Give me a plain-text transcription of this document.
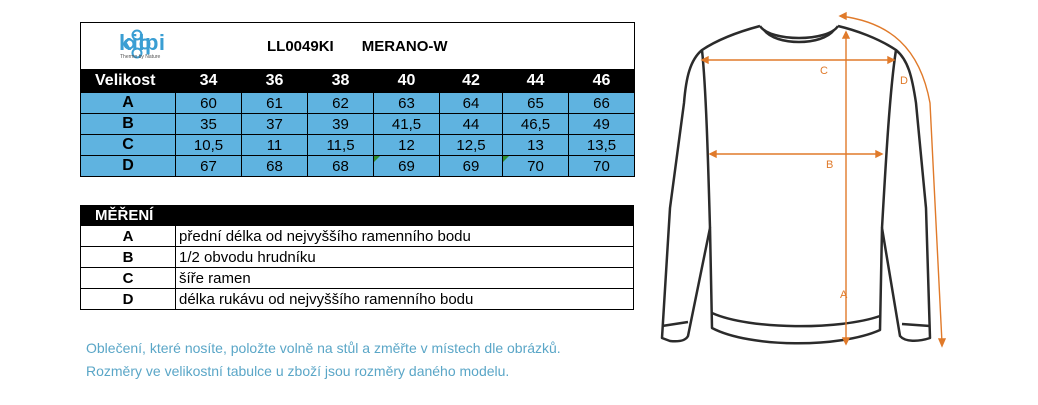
kilpi
Thermo by Nature
LL0049KI MERANO-W							

Velikost	34	36	38	40	42	44	46
A	60	61	62	63	64	65	66
B	35	37	39	41,5	44	46,5	49
C	10,5	11	11,5	12	12,5	13	13,5
D	67	68	68	69	69	70	70
MĚŘENÍ	
A	přední délka od nejvyššího ramenního bodu
B	1/2 obvodu hrudníku
C	šíře ramen
D	délka rukávu od nejvyššího ramenního bodu
Oblečení, které nosíte, položte volně na stůl a změřte v místech dle obrázků.
Rozměry ve velikostní tabulce u zboží jsou rozměry daného modelu.
C
B
A
D
